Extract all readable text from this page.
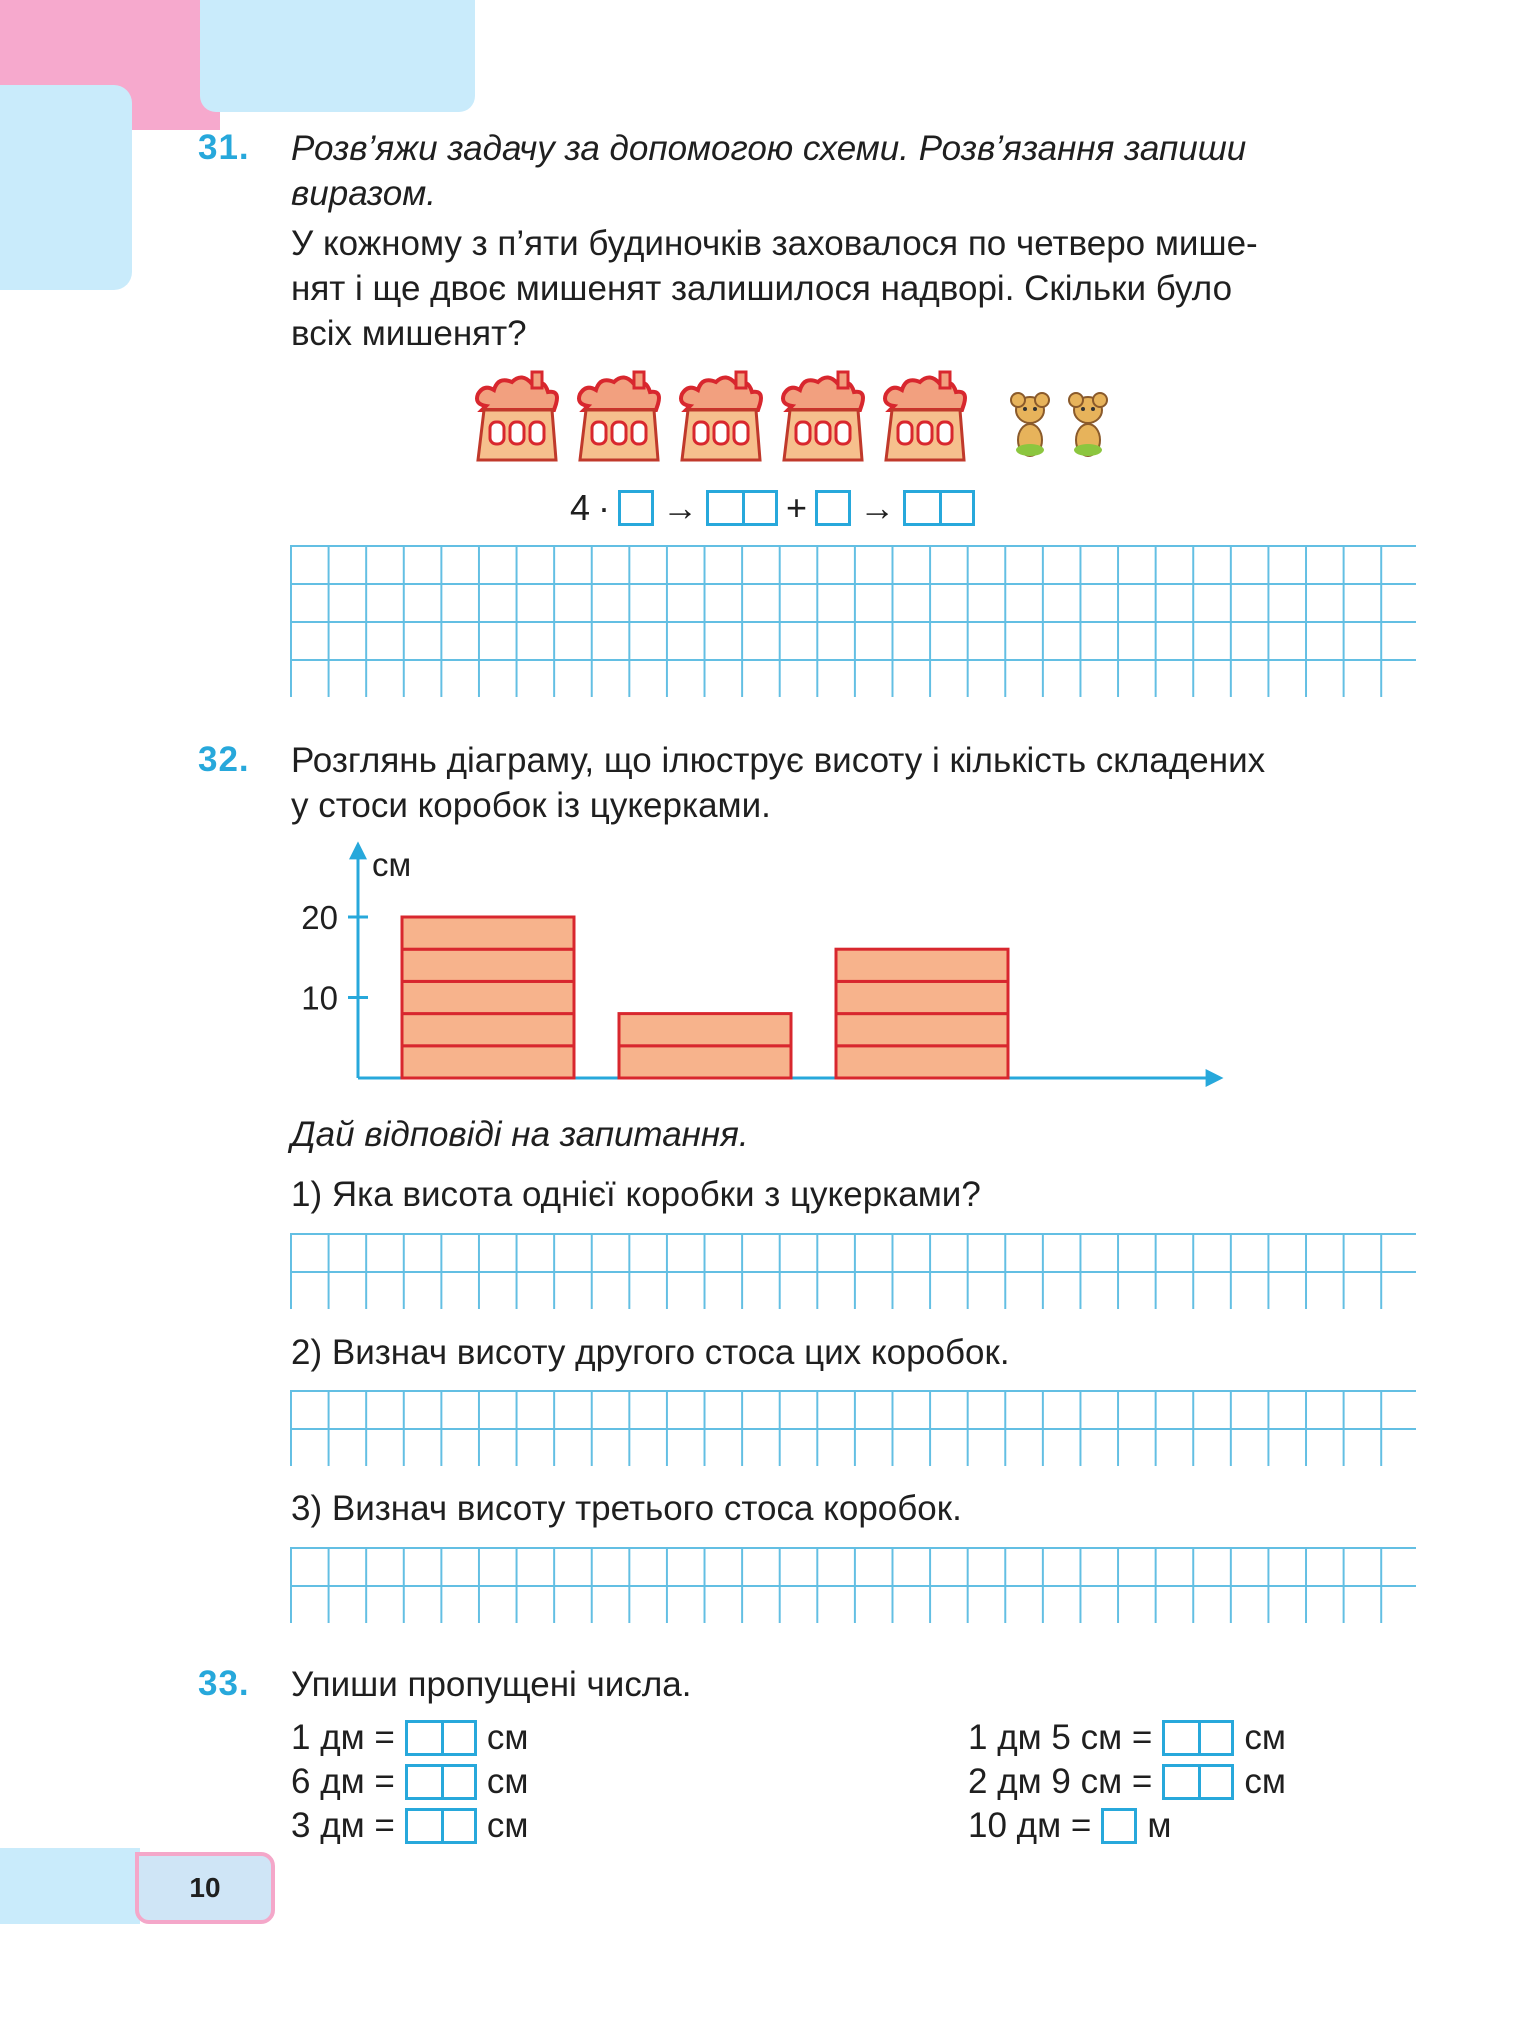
31. Розв’яжи задачу за допомогою схеми. Розв’язання запиши
виразом.
У кожному з п’яти будиночків заховалося по четверо мише-
нят і ще двоє мишенят залишилося надворі. Скільки було
всіх мишенят?
4 · → + →
32. Розглянь діаграму, що ілюструє висоту і кількість складених
у стоси коробок із цукерками.
см
20
10
Дай відповіді на запитання.
1) Яка висота однієї коробки з цукерками?
2) Визнач висоту другого стоса цих коробок.
3) Визнач висоту третього стоса коробок.
33. Упиши пропущені числа.
1 дм =	см
6 дм =	см
3 дм =	см
1 дм 5 см =	см
2 дм 9 см =	см
10 дм = м
10
